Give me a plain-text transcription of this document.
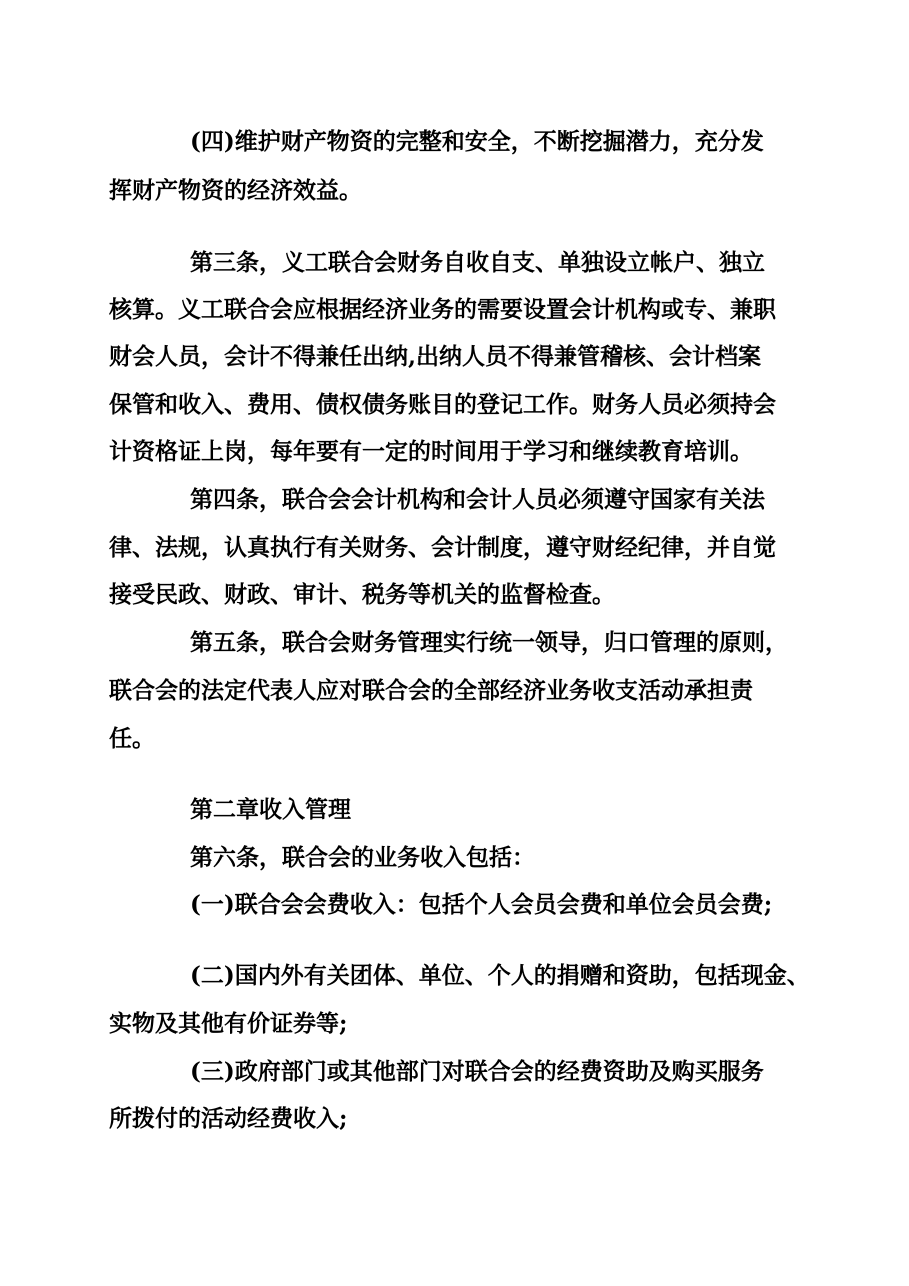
(四)维护财产物资的完整和安全，不断挖掘潜力，充分发
挥财产物资的经济效益。
第三条，义工联合会财务自收自支、单独设立帐户、独立
核算。义工联合会应根据经济业务的需要设置会计机构或专、兼职
财会人员，会计不得兼任出纳,出纳人员不得兼管稽核、会计档案
保管和收入、费用、债权债务账目的登记工作。财务人员必须持会
计资格证上岗，每年要有一定的时间用于学习和继续教育培训。
第四条，联合会会计机构和会计人员必须遵守国家有关法
律、法规，认真执行有关财务、会计制度，遵守财经纪律，并自觉
接受民政、财政、审计、税务等机关的监督检查。
第五条，联合会财务管理实行统一领导，归口管理的原则，
联合会的法定代表人应对联合会的全部经济业务收支活动承担责
任。
第二章收入管理
第六条，联合会的业务收入包括：
(一)联合会会费收入：包括个人会员会费和单位会员会费;
(二)国内外有关团体、单位、个人的捐赠和资助，包括现金、
实物及其他有价证券等;
(三)政府部门或其他部门对联合会的经费资助及购买服务
所拨付的活动经费收入;
